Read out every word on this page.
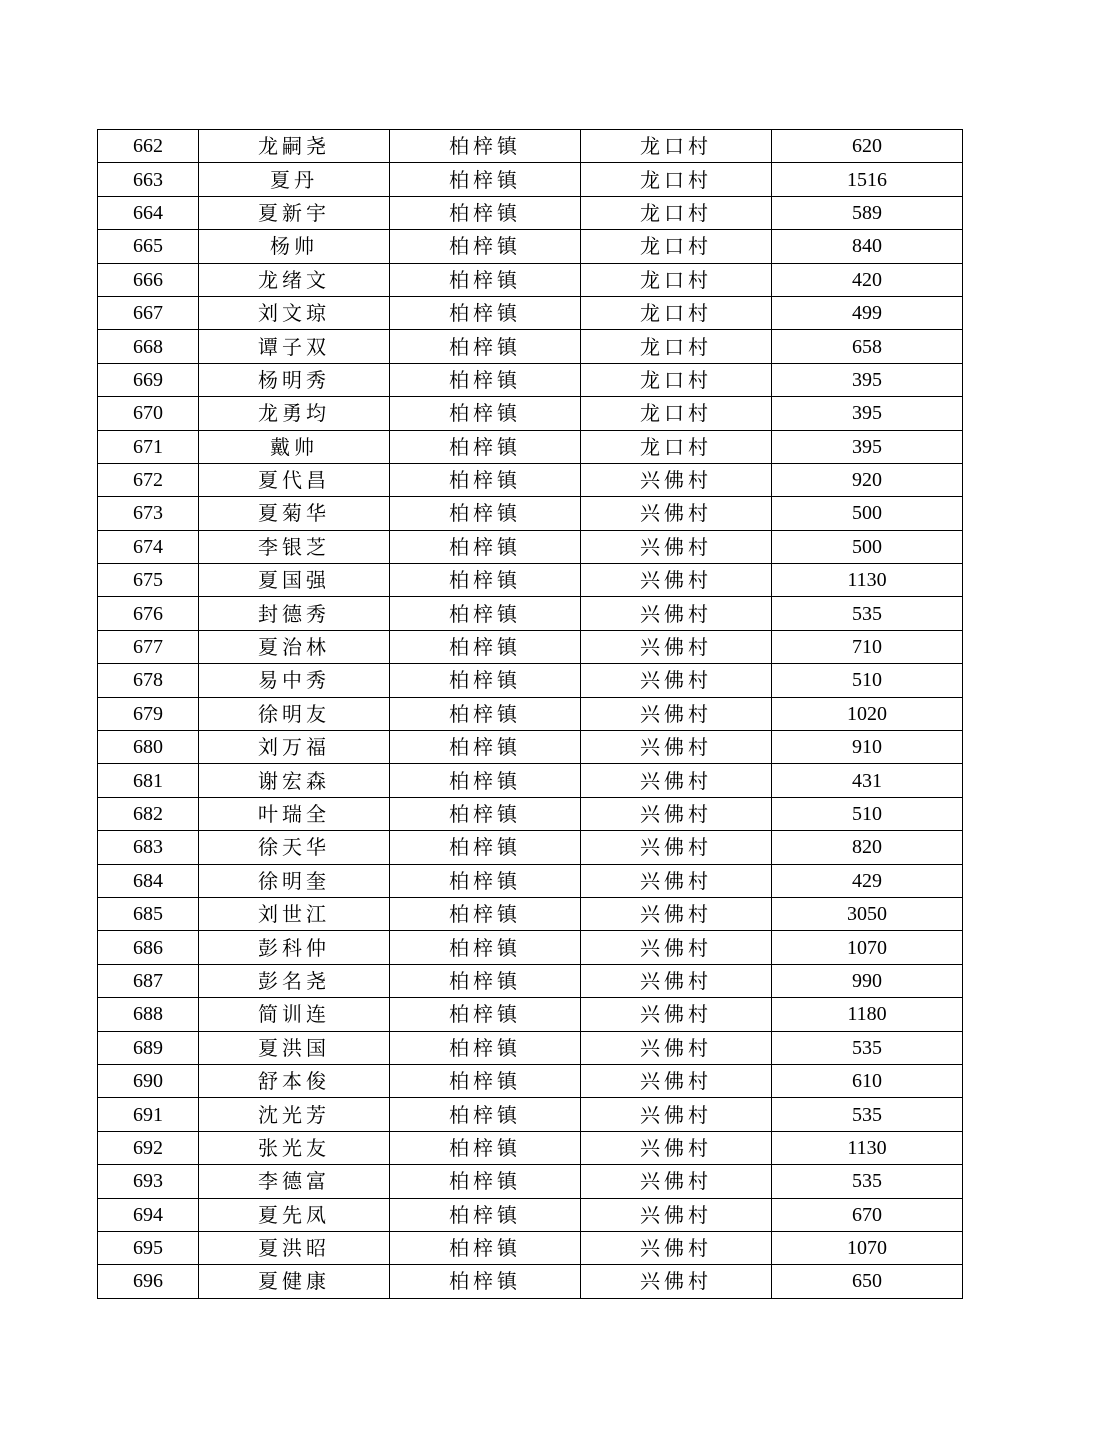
662	龙嗣尧	柏梓镇	龙口村	620
663	夏丹	柏梓镇	龙口村	1516
664	夏新宇	柏梓镇	龙口村	589
665	杨帅	柏梓镇	龙口村	840
666	龙绪文	柏梓镇	龙口村	420
667	刘文琼	柏梓镇	龙口村	499
668	谭子双	柏梓镇	龙口村	658
669	杨明秀	柏梓镇	龙口村	395
670	龙勇均	柏梓镇	龙口村	395
671	戴帅	柏梓镇	龙口村	395
672	夏代昌	柏梓镇	兴佛村	920
673	夏菊华	柏梓镇	兴佛村	500
674	李银芝	柏梓镇	兴佛村	500
675	夏国强	柏梓镇	兴佛村	1130
676	封德秀	柏梓镇	兴佛村	535
677	夏治林	柏梓镇	兴佛村	710
678	易中秀	柏梓镇	兴佛村	510
679	徐明友	柏梓镇	兴佛村	1020
680	刘万福	柏梓镇	兴佛村	910
681	谢宏森	柏梓镇	兴佛村	431
682	叶瑞全	柏梓镇	兴佛村	510
683	徐天华	柏梓镇	兴佛村	820
684	徐明奎	柏梓镇	兴佛村	429
685	刘世江	柏梓镇	兴佛村	3050
686	彭科仲	柏梓镇	兴佛村	1070
687	彭名尧	柏梓镇	兴佛村	990
688	简训连	柏梓镇	兴佛村	1180
689	夏洪国	柏梓镇	兴佛村	535
690	舒本俊	柏梓镇	兴佛村	610
691	沈光芳	柏梓镇	兴佛村	535
692	张光友	柏梓镇	兴佛村	1130
693	李德富	柏梓镇	兴佛村	535
694	夏先凤	柏梓镇	兴佛村	670
695	夏洪昭	柏梓镇	兴佛村	1070
696	夏健康	柏梓镇	兴佛村	650
